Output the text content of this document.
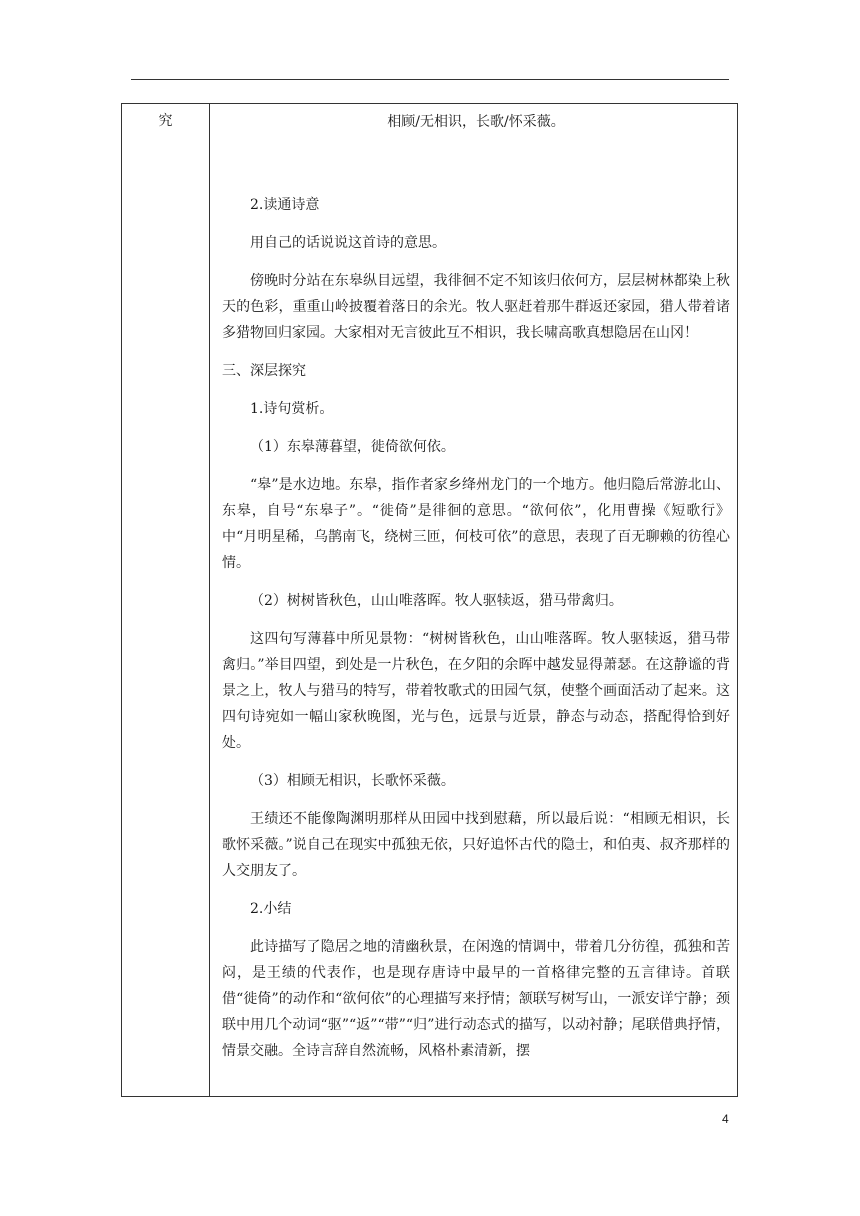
究	相顾/无相识，长歌/怀采薇。

2.读通诗意

用自己的话说说这首诗的意思。

傍晚时分站在东皋纵目远望，我徘徊不定不知该归依何方，层层树林都染上秋天的色彩，重重山岭披覆着落日的余光。牧人驱赶着那牛群返还家园，猎人带着诸多猎物回归家园。大家相对无言彼此互不相识，我长啸高歌真想隐居在山冈！

三、深层探究

1.诗句赏析。

（1）东皋薄暮望，徙倚欲何依。

“皋”是水边地。东皋，指作者家乡绛州龙门的一个地方。他归隐后常游北山、东皋，自号“东皋子”。“徙倚”是徘徊的意思。“欲何依”，化用曹操《短歌行》中“月明星稀，乌鹊南飞，绕树三匝，何枝可依”的意思，表现了百无聊赖的彷徨心情。

（2）树树皆秋色，山山唯落晖。牧人驱犊返，猎马带禽归。

这四句写薄暮中所见景物：“树树皆秋色，山山唯落晖。牧人驱犊返，猎马带禽归。”举目四望，到处是一片秋色，在夕阳的余晖中越发显得萧瑟。在这静谧的背景之上，牧人与猎马的特写，带着牧歌式的田园气氛，使整个画面活动了起来。这四句诗宛如一幅山家秋晚图，光与色，远景与近景，静态与动态，搭配得恰到好处。

（3）相顾无相识，长歌怀采薇。

王绩还不能像陶渊明那样从田园中找到慰藉，所以最后说：“相顾无相识，长歌怀采薇。”说自己在现实中孤独无依，只好追怀古代的隐士，和伯夷、叔齐那样的人交朋友了。

2.小结

此诗描写了隐居之地的清幽秋景，在闲逸的情调中，带着几分彷徨，孤独和苦闷，是王绩的代表作，也是现存唐诗中最早的一首格律完整的五言律诗。首联借“徙倚”的动作和“欲何依”的心理描写来抒情；颔联写树写山，一派安详宁静；颈联中用几个动词“驱”“返”“带”“归”进行动态式的描写，以动衬静；尾联借典抒情，情景交融。全诗言辞自然流畅，风格朴素清新，摆

4
